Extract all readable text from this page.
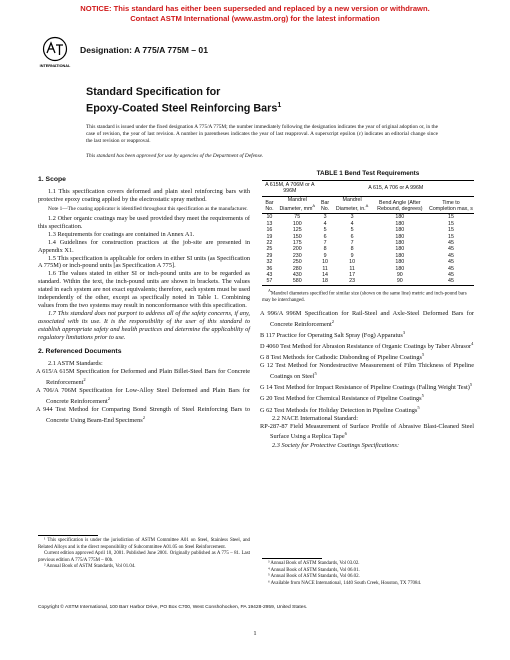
NOTICE: This standard has either been superseded and replaced by a new version or withdrawn.
Contact ASTM International (www.astm.org) for the latest information
INTERNATIONAL
Designation: A 775/A 775M – 01
Standard Specification for
Epoxy-Coated Steel Reinforcing Bars$^1$
This standard is issued under the fixed designation A 775/A 775M; the number immediately following the designation indicates the year of original adoption or, in the case of revision, the year of last revision. A number in parentheses indicates the year of last reapproval. A superscript epsilon (ε) indicates an editorial change since the last revision or reapproval.
This standard has been approved for use by agencies of the Department of Defense.
1. Scope
1.1 This specification covers deformed and plain steel reinforcing bars with protective epoxy coating applied by the electrostatic spray method.
Note 1—The coating applicator is identified throughout this specification as the manufacturer.
1.2 Other organic coatings may be used provided they meet the requirements of this specification.
1.3 Requirements for coatings are contained in Annex A1.
1.4 Guidelines for construction practices at the job-site are presented in Appendix X1.
1.5 This specification is applicable for orders in either SI units (as Specification A 775M) or inch-pound units [as Specification A 775].
1.6 The values stated in either SI or inch-pound units are to be regarded as standard. Within the text, the inch-pound units are shown in brackets. The values stated in each system are not exact equivalents; therefore, each system must be used independently of the other, except as specifically noted in Table 1. Combining values from the two systems may result in nonconformance with this specification.
1.7 This standard does not purport to address all of the safety concerns, if any, associated with its use. It is the responsibility of the user of this standard to establish appropriate safety and health practices and determine the applicability of regulatory limitations prior to use.
2. Referenced Documents
2.1 ASTM Standards:
A 615/A 615M Specification for Deformed and Plain Billet-Steel Bars for Concrete Reinforcement$^2$
A 706/A 706M Specification for Low-Alloy Steel Deformed and Plain Bars for Concrete Reinforcement$^2$
A 944 Test Method for Comparing Bond Strength of Steel Reinforcing Bars to Concrete Using Beam-End Specimens$^2$
TABLE 1 Bend Test Requirements
A 615M, A 706M or A 996M		A 615, A 706 or A 996M			
Bar No.	Mandrel Diameter, $mm^A$	Bar No.	Mandrel Diameter, in.$^A$	Bend Angle (After Rebound, degrees)	Time to Completion max, s
10	75	3	3	180	15
13	100	4	4	180	15
16	125	5	5	180	15
19	150	6	6	180	15
22	175	7	7	180	45
25	200	8	8	180	45
29	230	9	9	180	45
32	250	10	10	180	45
36	280	11	11	180	45
43	430	14	17	90	45
57	580	18	23	90	45
$^A$Mandrel diameters specified for similar size (shown on the same line) metric and inch-pound bars may be interchanged.
A 996/A 996M Specification for Rail-Steel and Axle-Steel Deformed Bars for Concrete Reinforcement$^2$
B 117 Practice for Operating Salt Spray (Fog) Apparatus$^3$
D 4060 Test Method for Abrasion Resistance of Organic Coatings by Taber Abrasor$^4$
G 8 Test Methods for Cathodic Disbonding of Pipeline Coatings$^5$
G 12 Test Method for Nondestructive Measurement of Film Thickness of Pipeline Coatings on Steel$^5$
G 14 Test Method for Impact Resistance of Pipeline Coatings (Falling Weight Test)$^5$
G 20 Test Method for Chemical Resistance of Pipeline Coatings$^5$
G 62 Test Methods for Holiday Detection in Pipeline Coatings$^5$
2.2 NACE International Standard:
RP-287-87 Field Measurement of Surface Profile of Abrasive Blast-Cleaned Steel Surface Using a Replica Tape$^6$
2.3 Society for Protective Coatings Specifications:
¹ This specification is under the jurisdiction of ASTM Committee A01 on Steel, Stainless Steel, and Related Alloys and is the direct responsibility of Subcommittee A01.05 on Steel Reinforcement.
Current edition approved April 10, 2001. Published June 2001. Originally published as A 775 – 81. Last previous edition A 775/A 775M – 00b.
² Annual Book of ASTM Standards, Vol 01.04.
³ Annual Book of ASTM Standards, Vol 03.02.
⁴ Annual Book of ASTM Standards, Vol 06.01.
⁵ Annual Book of ASTM Standards, Vol 06.02.
⁶ Available from NACE International, 1440 South Creek, Houston, TX 77084.
Copyright © ASTM International, 100 Barr Harbor Drive, PO Box C700, West Conshohocken, PA 19428-2959, United States.
1
